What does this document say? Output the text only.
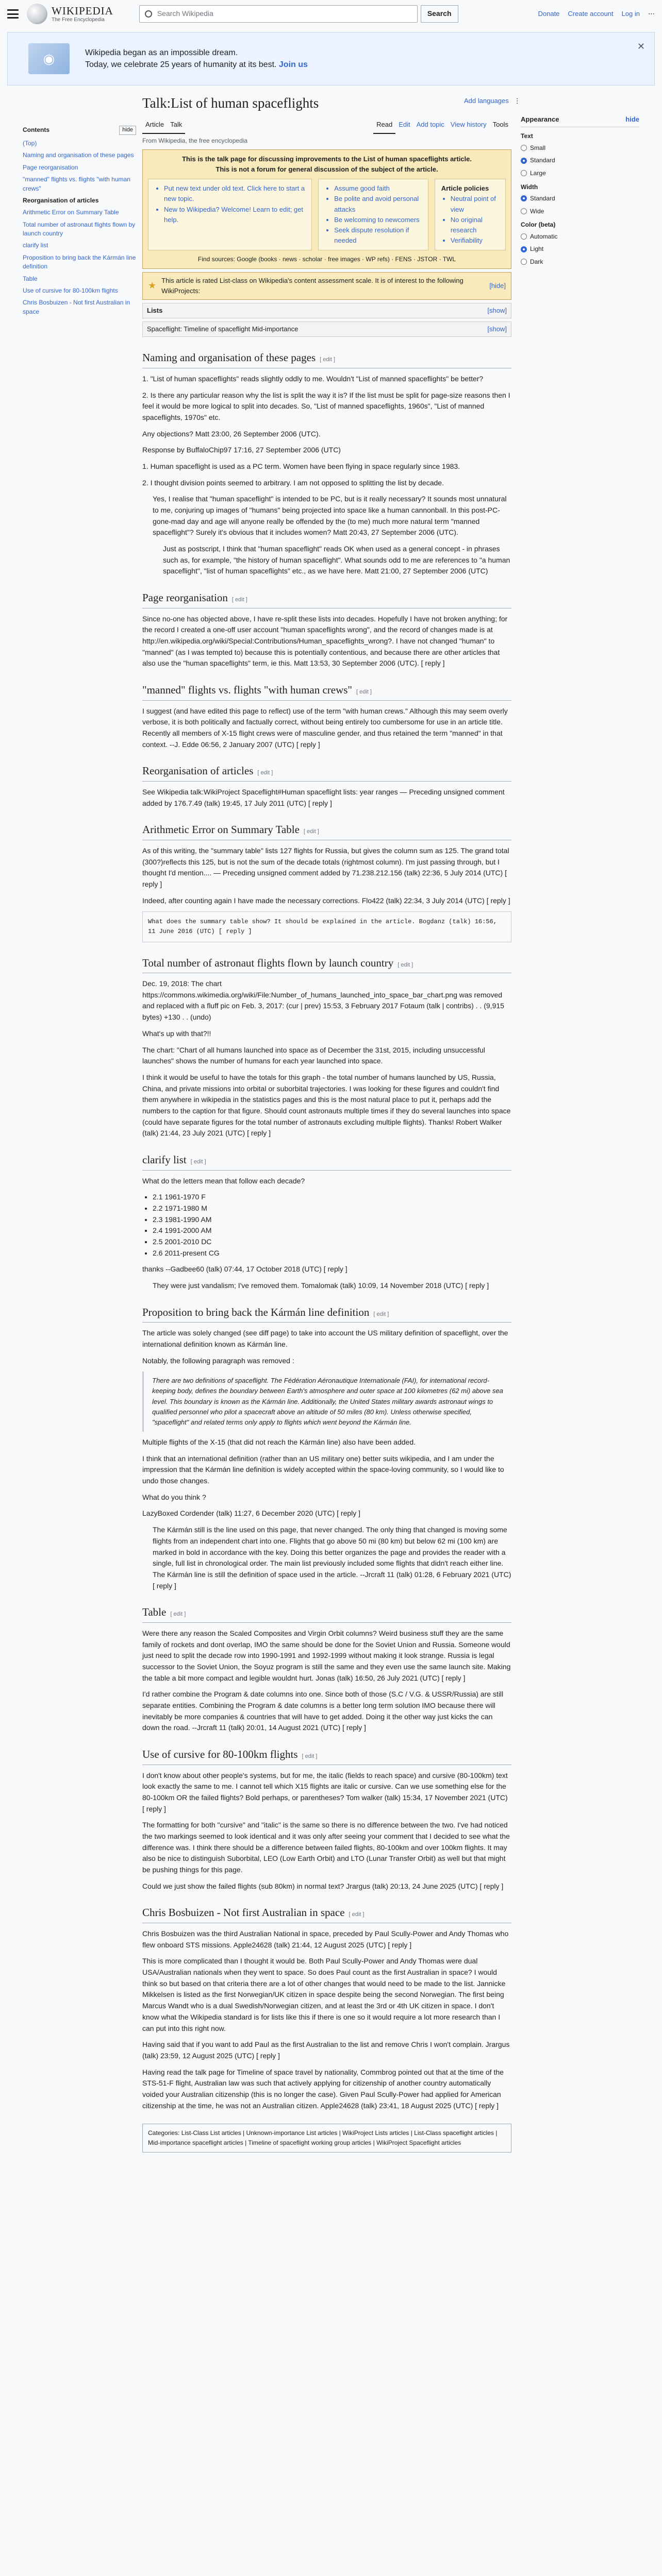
WIKIPEDIA
The Free Encyclopedia
Search Wikipedia	Search	Donate Create account Log in ⋯
◉	Wikipedia began as an impossible dream.
Today, we celebrate 25 years of humanity at its best. Join us
✕
Talk:List of human spaceflights	Add languages ⋮
Article Talk	Read Edit Add topic View history Tools
From Wikipedia, the free encyclopedia
Contents	hide
(Top)
Naming and organisation of these pages
Page reorganisation
"manned" flights vs. flights "with human crews"
Reorganisation of articles
Arithmetic Error on Summary Table
Total number of astronaut flights flown by launch country
clarify list
Proposition to bring back the Kármán line definition
Table
Use of cursive for 80-100km flights
Chris Bosbuizen - Not first Australian in space
Appearance	hide
Text
Small
Standard
Large
Width
Standard
Wide
Color (beta)
Automatic
Light
Dark
This is the talk page for discussing improvements to the List of human spaceflights article.
This is not a forum for general discussion of the subject of the article.
• Put new text under old text. Click here to start a new topic.
• New to Wikipedia? Welcome! Learn to edit; get help.
• Assume good faith
• Be polite and avoid personal attacks
• Be welcoming to newcomers
• Seek dispute resolution if needed
Article policies
• Neutral point of view
• No original research
• Verifiability
Find sources: Google (books · news · scholar · free images · WP refs) · FENS · JSTOR · TWL
★ This article is rated List-class on Wikipedia's content assessment scale. It is of interest to the following WikiProjects:
[hide]
Lists	[show]
Spaceflight: Timeline of spaceflight Mid-importance	[show]
Naming and organisation of these pages [ edit ]

1. "List of human spaceflights" reads slightly oddly to me. Wouldn't "List of manned spaceflights" be better?

2. Is there any particular reason why the list is split the way it is? If the list must be split for page-size reasons then I feel it would be more logical to split into decades. So, "List of manned spaceflights, 1960s", "List of manned spaceflights, 1970s" etc.

Any objections? Matt 23:00, 26 September 2006 (UTC).

Response by BuffaloChip97 17:16, 27 September 2006 (UTC)

1. Human spaceflight is used as a PC term. Women have been flying in space regularly since 1983.

2. I thought division points seemed to arbitrary. I am not opposed to splitting the list by decade.

Yes, I realise that "human spaceflight" is intended to be PC, but is it really necessary? It sounds most unnatural to me, conjuring up images of "humans" being projected into space like a human cannonball. In this post-PC-gone-mad day and age will anyone really be offended by the (to me) much more natural term "manned spaceflight"? Surely it's obvious that it includes women? Matt 20:43, 27 September 2006 (UTC).

Just as postscript, I think that "human spaceflight" reads OK when used as a general concept - in phrases such as, for example, "the history of human spaceflight". What sounds odd to me are references to "a human spaceflight", "list of human spaceflights" etc., as we have here. Matt 21:00, 27 September 2006 (UTC)

Page reorganisation [ edit ]

Since no-one has objected above, I have re-split these lists into decades. Hopefully I have not broken anything; for the record I created a one-off user account "human spaceflights wrong", and the record of changes made is at http://en.wikipedia.org/wiki/Special:Contributions/Human_spaceflights_wrong?. I have not changed "human" to "manned" (as I was tempted to) because this is potentially contentious, and because there are other articles that also use the "human spaceflights" term, ie this. Matt 13:53, 30 September 2006 (UTC). [ reply ]

"manned" flights vs. flights "with human crews" [ edit ]

I suggest (and have edited this page to reflect) use of the term "with human crews." Although this may seem overly verbose, it is both politically and factually correct, without being entirely too cumbersome for use in an article title. Recently all members of X-15 flight crews were of masculine gender, and thus retained the term "manned" in that context. --J. Edde 06:56, 2 January 2007 (UTC) [ reply ]

Reorganisation of articles [ edit ]

See Wikipedia talk:WikiProject Spaceflight#Human spaceflight lists: year ranges — Preceding unsigned comment added by 176.7.49 (talk) 19:45, 17 July 2011 (UTC) [ reply ]

Arithmetic Error on Summary Table [ edit ]

As of this writing, the "summary table" lists 127 flights for Russia, but gives the column sum as 125. The grand total (300?)reflects this 125, but is not the sum of the decade totals (rightmost column). I'm just passing through, but I thought I'd mention.... — Preceding unsigned comment added by 71.238.212.156 (talk) 22:36, 5 July 2014 (UTC) [ reply ]

Indeed, after counting again I have made the necessary corrections. Flo422 (talk) 22:34, 3 July 2014 (UTC) [ reply ]

What does the summary table show? It should be explained in the article. Bogdanz (talk) 16:56, 11 June 2016 (UTC) [ reply ]
Total number of astronaut flights flown by launch country [ edit ]

Dec. 19, 2018: The chart https://commons.wikimedia.org/wiki/File:Number_of_humans_launched_into_space_bar_chart.png was removed and replaced with a fluff pic on Feb. 3, 2017: (cur | prev) 15:53, 3 February 2017 Fotaum (talk | contribs) . . (9,915 bytes) +130 . . (undo)

What's up with that?!!

The chart: "Chart of all humans launched into space as of December the 31st, 2015, including unsuccessful launches" shows the number of humans for each year launched into space.

I think it would be useful to have the totals for this graph - the total number of humans launched by US, Russia, China, and private missions into orbital or suborbital trajectories. I was looking for these figures and couldn't find them anywhere in wikipedia in the statistics pages and this is the most natural place to put it, perhaps add the numbers to the caption for that figure. Should count astronauts multiple times if they do several launches into space (could have separate figures for the total number of astronauts excluding multiple flights). Thanks! Robert Walker (talk) 21:44, 23 July 2021 (UTC) [ reply ]

clarify list [ edit ]

What do the letters mean that follow each decade?

• 2.1 1961-1970 F
• 2.2 1971-1980 M
• 2.3 1981-1990 AM
• 2.4 1991-2000 AM
• 2.5 2001-2010 DC
• 2.6 2011-present CG

thanks --Gadbee60 (talk) 07:44, 17 October 2018 (UTC) [ reply ]

They were just vandalism; I've removed them. Tomalomak (talk) 10:09, 14 November 2018 (UTC) [ reply ]

Proposition to bring back the Kármán line definition [ edit ]

The article was solely changed (see diff page) to take into account the US military definition of spaceflight, over the international definition known as Kármán line.

Notably, the following paragraph was removed :

There are two definitions of spaceflight. The Fédération Aéronautique Internationale (FAI), for international record-keeping body, defines the boundary between Earth's atmosphere and outer space at 100 kilometres (62 mi) above sea level. This boundary is known as the Kármán line. Additionally, the United States military awards astronaut wings to qualified personnel who pilot a spacecraft above an altitude of 50 miles (80 km). Unless otherwise specified, "spaceflight" and related terms only apply to flights which went beyond the Kármán line.

Multiple flights of the X-15 (that did not reach the Kármán line) also have been added.

I think that an international definition (rather than an US military one) better suits wikipedia, and I am under the impression that the Kármán line definition is widely accepted within the space-loving community, so I would like to undo those changes.

What do you think ?

LazyBoxed Cordender (talk) 11:27, 6 December 2020 (UTC) [ reply ]

The Kármán still is the line used on this page, that never changed. The only thing that changed is moving some flights from an independent chart into one. Flights that go above 50 mi (80 km) but below 62 mi (100 km) are marked in bold in accordance with the key. Doing this better organizes the page and provides the reader with a single, full list in chronological order. The main list previously included some flights that didn't reach either line. The Kármán line is still the definition of space used in the article. --Jrcraft 11 (talk) 01:28, 6 February 2021 (UTC) [ reply ]

Table [ edit ]

Were there any reason the Scaled Composites and Virgin Orbit columns? Weird business stuff they are the same family of rockets and dont overlap, IMO the same should be done for the Soviet Union and Russia. Someone would just need to split the decade row into 1990-1991 and 1992-1999 without making it look strange. Russia is legal successor to the Soviet Union, the Soyuz program is still the same and they even use the same launch site. Making the table a bit more compact and legible wouldnt hurt. Jonas (talk) 16:50, 26 July 2021 (UTC) [ reply ]

I'd rather combine the Program & date columns into one. Since both of those (S.C / V.G. & USSR/Russia) are still separate entities. Combining the Program & date columns is a better long term solution IMO because there will inevitably be more companies & countries that will have to get added. Doing it the other way just kicks the can down the road. --Jrcraft 11 (talk) 20:01, 14 August 2021 (UTC) [ reply ]

Use of cursive for 80-100km flights [ edit ]

I don't know about other people's systems, but for me, the italic (fields to reach space) and cursive (80-100km) text look exactly the same to me. I cannot tell which X15 flights are italic or cursive. Can we use something else for the 80-100km OR the failed flights? Bold perhaps, or parentheses? Tom walker (talk) 15:34, 17 November 2021 (UTC) [ reply ]

The formatting for both "cursive" and "italic" is the same so there is no difference between the two. I've had noticed the two markings seemed to look identical and it was only after seeing your comment that I decided to see what the difference was. I think there should be a difference between failed flights, 80-100km and over 100km flights. It may also be nice to distinguish Suborbital, LEO (Low Earth Orbit) and LTO (Lunar Transfer Orbit) as well but that might be pushing things for this page.

Could we just show the failed flights (sub 80km) in normal text? Jrargus (talk) 20:13, 24 June 2025 (UTC) [ reply ]

Chris Bosbuizen - Not first Australian in space [ edit ]

Chris Bosbuizen was the third Australian National in space, preceded by Paul Scully-Power and Andy Thomas who flew onboard STS missions. Apple24628 (talk) 21:44, 12 August 2025 (UTC) [ reply ]

This is more complicated than I thought it would be. Both Paul Scully-Power and Andy Thomas were dual USA/Australian nationals when they went to space. So does Paul count as the first Australian in space? I would think so but based on that criteria there are a lot of other changes that would need to be made to the list. Jannicke Mikkelsen is listed as the first Norwegian/UK citizen in space despite being the second Norwegian. The first being Marcus Wandt who is a dual Swedish/Norwegian citizen, and at least the 3rd or 4th UK citizen in space. I don't know what the Wikipedia standard is for lists like this if there is one so it would require a lot more research than I can put into this right now.

Having said that if you want to add Paul as the first Australian to the list and remove Chris I won't complain. Jrargus (talk) 23:59, 12 August 2025 (UTC) [ reply ]

Having read the talk page for Timeline of space travel by nationality, Commbrog pointed out that at the time of the STS-51-F flight, Australian law was such that actively applying for citizenship of another country automatically voided your Australian citizenship (this is no longer the case). Given Paul Scully-Power had applied for American citizenship at the time, he was not an Australian citizen. Apple24628 (talk) 23:41, 18 August 2025 (UTC) [ reply ]

Categories: List-Class List articles | Unknown-importance List articles | WikiProject Lists articles | List-Class spaceflight articles | Mid-importance spaceflight articles | Timeline of spaceflight working group articles | WikiProject Spaceflight articles
